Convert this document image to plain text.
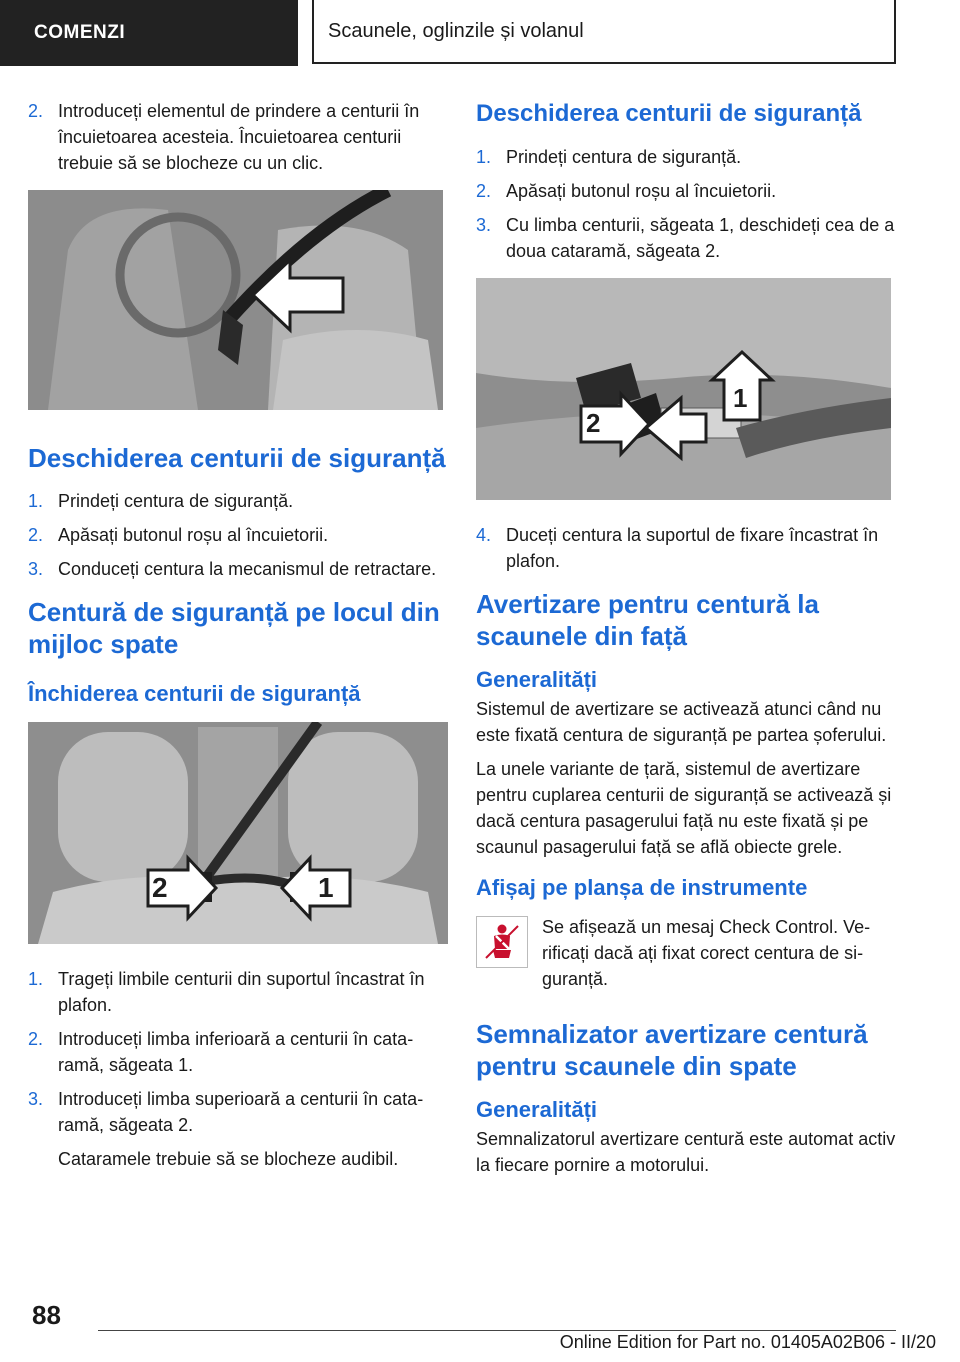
COMENZI	Scaunele, oglinzile și volanul
2. Introduceți elementul de prindere a centurii în încuietoarea acesteia. Încuietoarea centurii trebuie să se blocheze cu un clic.
Deschiderea centurii de siguranță
1. Prindeți centura de siguranță.
2. Apăsați butonul roșu al încuietorii.
3. Conduceți centura la mecanismul de retractare.
Centură de siguranță pe locul din mijloc spate
Închiderea centurii de siguranță
2	1
1. Trageți limbile centurii din suportul încastrat în plafon.
2. Introduceți limba inferioară a centurii în cataramă, săgeata 1.
3. Introduceți limba superioară a centurii în cataramă, săgeata 2.
Cataramele trebuie să se blocheze audibil.
Deschiderea centurii de siguranță
1. Prindeți centura de siguranță.
2. Apăsați butonul roșu al încuietorii.
3. Cu limba centurii, săgeata 1, deschideți cea de a doua cataramă, săgeata 2.
2
1
4. Duceți centura la suportul de fixare încastrat în plafon.
Avertizare pentru centură la scaunele din față
Generalități

Sistemul de avertizare se activează atunci când nu este fixată centura de siguranță pe partea șoferului.

La unele variante de țară, sistemul de avertizare pentru cuplarea centurii de siguranță se activează și dacă centura pasagerului față nu este fixată și pe scaunul pasagerului față se află obiecte grele.

Afișaj pe planșa de instrumente
Se afișează un mesaj Check Control. Verificați dacă ați fixat corect centura de siguranță.
Semnalizator avertizare centură pentru scaunele din spate
Generalități

Semnalizatorul avertizare centură este automat activ la fiecare pornire a motorului.

88
Online Edition for Part no. 01405A02B06 - II/20
